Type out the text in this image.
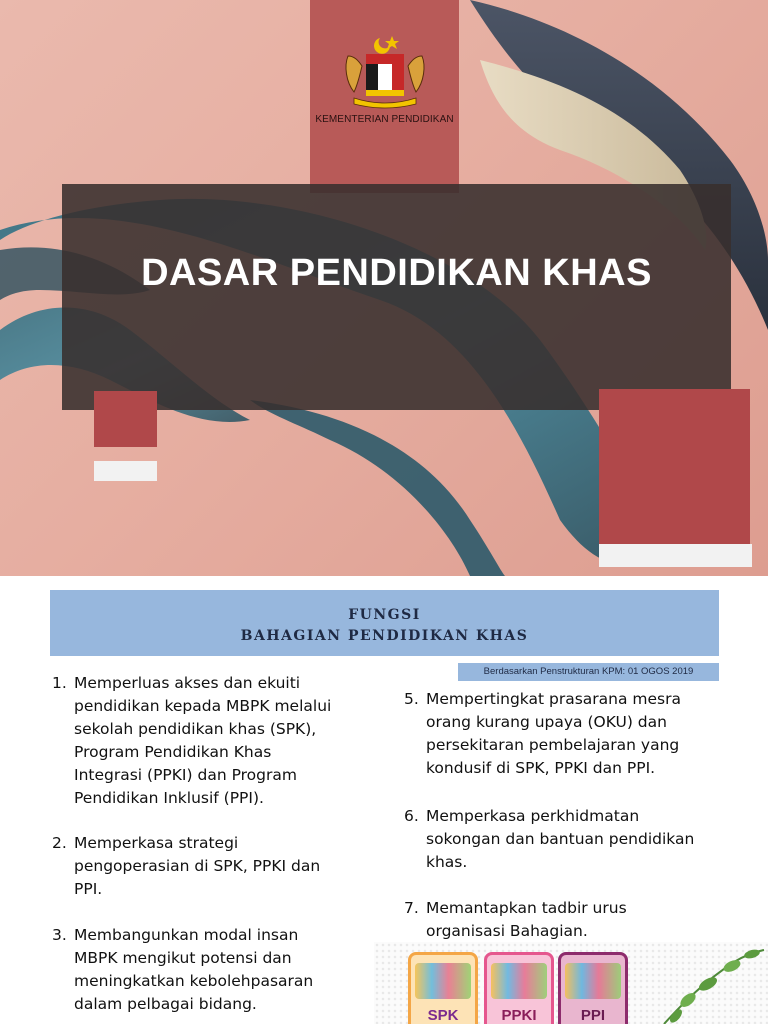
KEMENTERIAN PENDIDIKAN
DASAR PENDIDIKAN KHAS
FUNGSI
BAHAGIAN PENDIDIKAN KHAS
Berdasarkan Penstrukturan KPM: 01 OGOS 2019
1. Memperluas akses dan ekuiti
pendidikan kepada MBPK melalui
sekolah pendidikan khas (SPK),
Program Pendidikan Khas
Integrasi (PPKI) dan Program
Pendidikan Inklusif (PPI).
2. Memperkasa strategi
pengoperasian di SPK, PPKI dan
PPI.
3. Membangunkan modal insan
MBPK mengikut potensi dan
meningkatkan kebolehpasaran
dalam pelbagai bidang.
5. Mempertingkat prasarana mesra
orang kurang upaya (OKU) dan
persekitaran pembelajaran yang
kondusif di SPK, PPKI dan PPI.
6. Memperkasa perkhidmatan
sokongan dan bantuan pendidikan
khas.
7. Memantapkan tadbir urus
organisasi Bahagian.
SPK	PPKI	PPI
